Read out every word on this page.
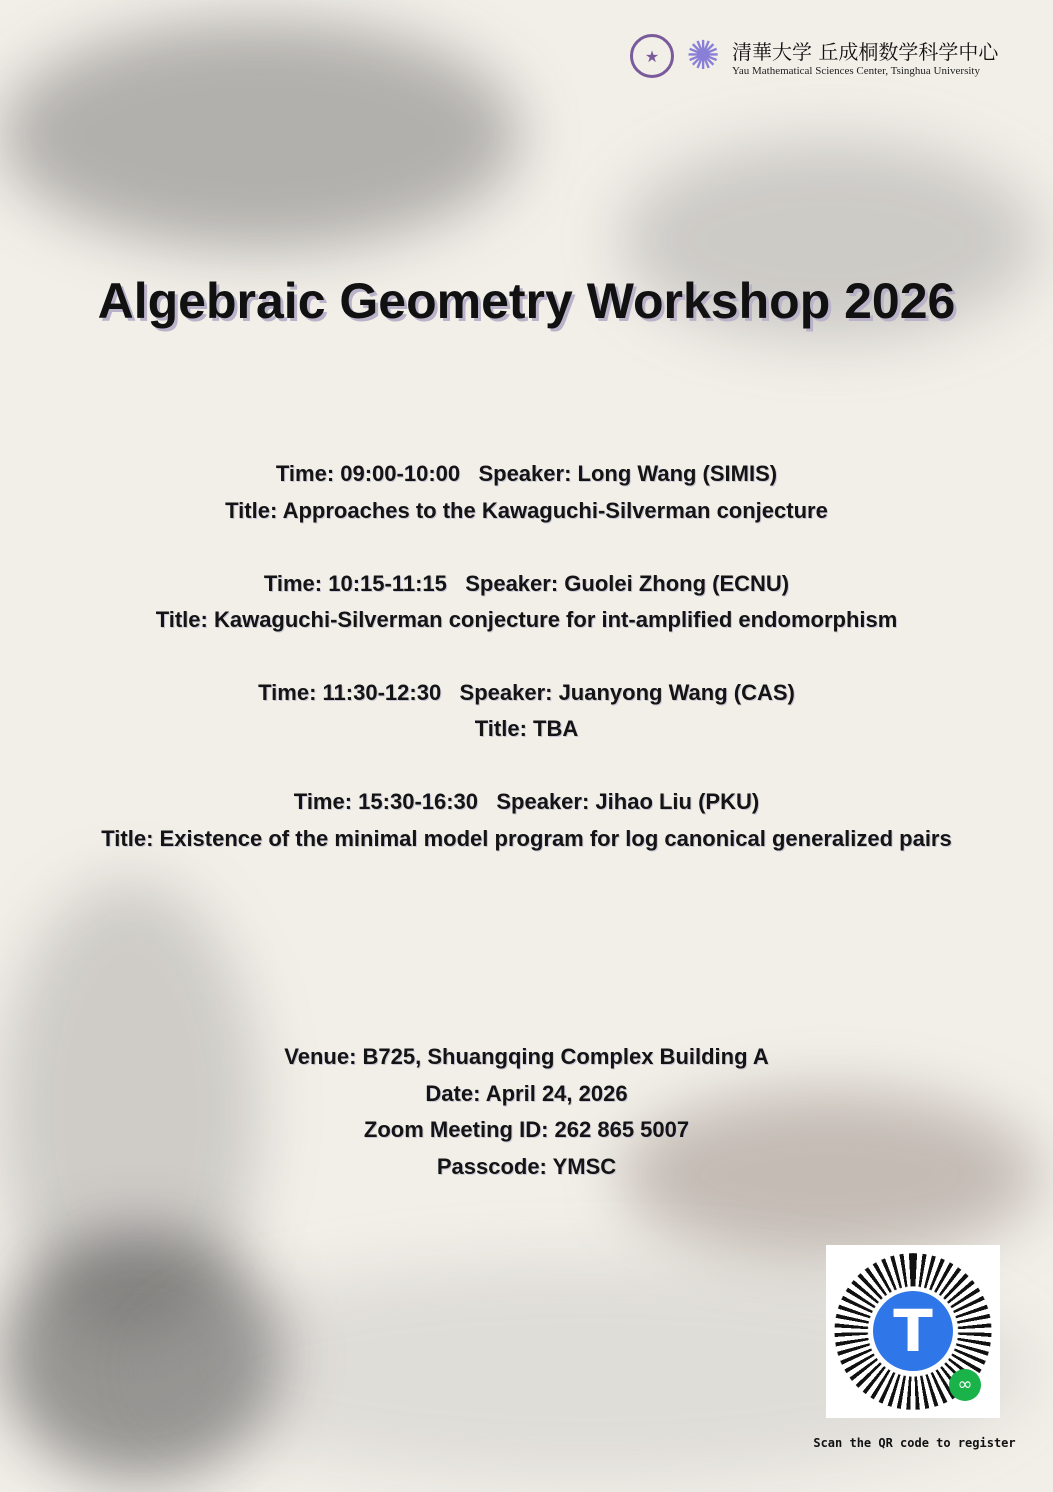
★ ✺ 清華大学 丘成桐数学科学中心
Yau Mathematical Sciences Center, Tsinghua University
Algebraic Geometry Workshop 2026
Time: 09:00-10:00   Speaker: Long Wang (SIMIS)
Title: Approaches to the Kawaguchi-Silverman conjecture
Time: 10:15-11:15   Speaker: Guolei Zhong (ECNU)
Title: Kawaguchi-Silverman conjecture for int-amplified endomorphism
Time: 11:30-12:30   Speaker: Juanyong Wang (CAS)
Title: TBA
Time: 15:30-16:30   Speaker: Jihao Liu (PKU)
Title: Existence of the minimal model program for log canonical generalized pairs
Venue: B725, Shuangqing Complex Building A
Date: April 24, 2026
Zoom Meeting ID: 262 865 5007
Passcode: YMSC
T
∞
Scan the QR code to register
